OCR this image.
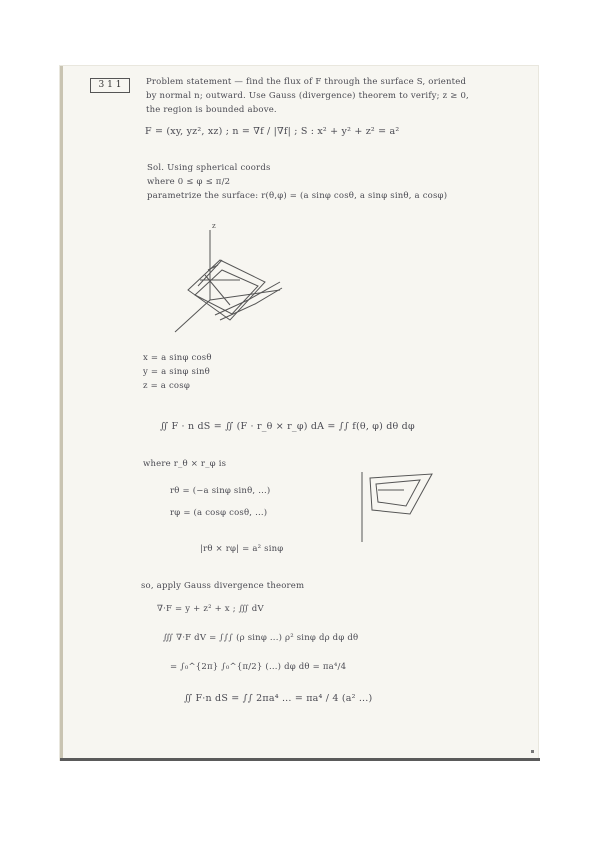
3 1 1	Problem statement — find the flux of F through the surface S, oriented
by normal n; outward. Use Gauss (divergence) theorem to verify; z ≥ 0,
the region is bounded above.
F = (xy, yz², xz) ; n = ∇f / |∇f| ; S : x² + y² + z² = a²
Sol. Using spherical coords
where 0 ≤ φ ≤ π/2
parametrize the surface: r(θ,φ) = (a sinφ cosθ, a sinφ sinθ, a cosφ)
z
x = a sinφ cosθ
y = a sinφ sinθ
z = a cosφ
∬ F · n dS = ∬ (F · r_θ × r_φ) dA = ∫∫ f(θ, φ) dθ dφ
where r_θ × r_φ is
rθ = (−a sinφ sinθ, ...)
rφ = (a cosφ cosθ, ...)
|rθ × rφ| = a² sinφ
so, apply Gauss divergence theorem
∇·F = y + z² + x ; ∭ dV
∭ ∇·F dV = ∫∫∫ (ρ sinφ ...) ρ² sinφ dρ dφ dθ
= ∫₀^{2π} ∫₀^{π/2} (...) dφ dθ = πa⁴/4
∬ F·n dS = ∫∫ 2πa⁴ ... = πa⁴ / 4 (a² ...)
